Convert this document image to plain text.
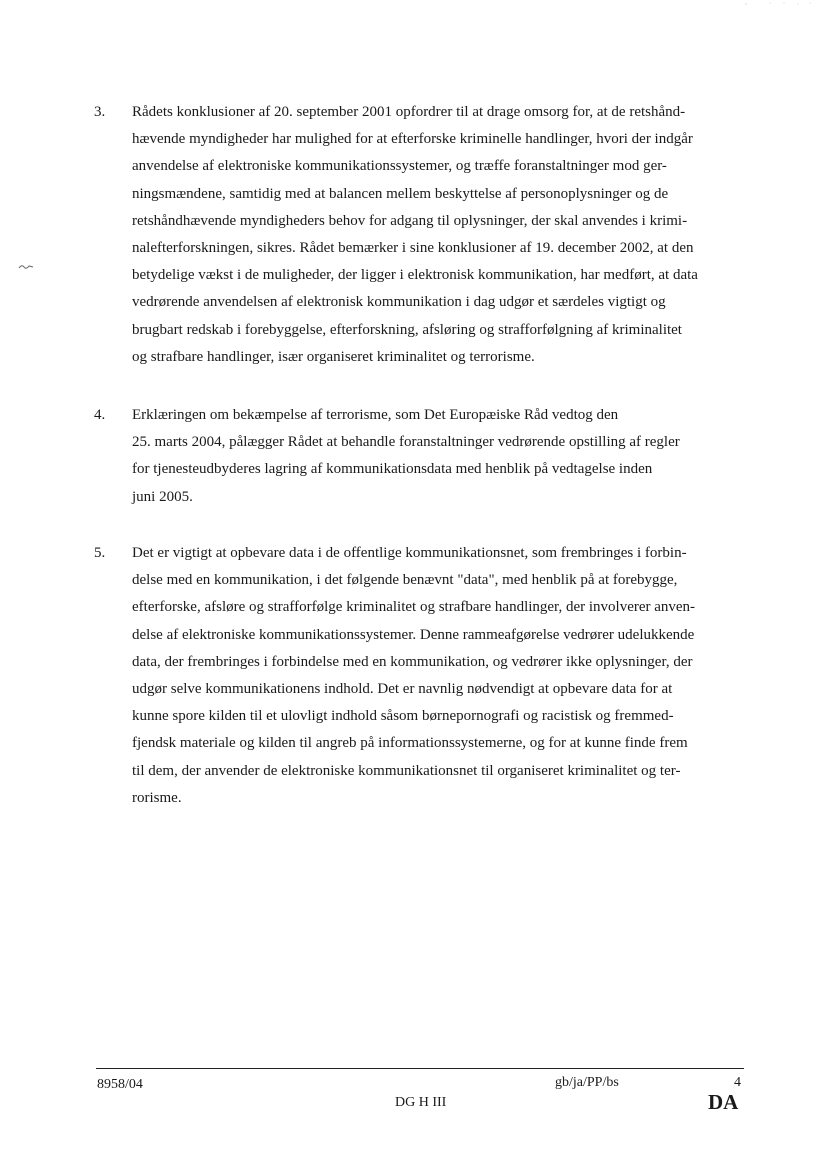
3. Rådets konklusioner af 20. september 2001 opfordrer til at drage omsorg for, at de retshånd-
hævende myndigheder har mulighed for at efterforske kriminelle handlinger, hvori der indgår
anvendelse af elektroniske kommunikationssystemer, og træffe foranstaltninger mod ger-
ningsmændene, samtidig med at balancen mellem beskyttelse af personoplysninger og de
retshåndhævende myndigheders behov for adgang til oplysninger, der skal anvendes i krimi-
nalefterforskningen, sikres. Rådet bemærker i sine konklusioner af 19. december 2002, at den
betydelige vækst i de muligheder, der ligger i elektronisk kommunikation, har medført, at data
vedrørende anvendelsen af elektronisk kommunikation i dag udgør et særdeles vigtigt og
brugbart redskab i forebyggelse, efterforskning, afsløring og strafforfølgning af kriminalitet
og strafbare handlinger, især organiseret kriminalitet og terrorisme.
4. Erklæringen om bekæmpelse af terrorisme, som Det Europæiske Råd vedtog den
25. marts 2004, pålægger Rådet at behandle foranstaltninger vedrørende opstilling af regler
for tjenesteudbyderes lagring af kommunikationsdata med henblik på vedtagelse inden
juni 2005.
5. Det er vigtigt at opbevare data i de offentlige kommunikationsnet, som frembringes i forbin-
delse med en kommunikation, i det følgende benævnt "data", med henblik på at forebygge,
efterforske, afsløre og strafforfølge kriminalitet og strafbare handlinger, der involverer anven-
delse af elektroniske kommunikationssystemer. Denne rammeafgørelse vedrører udelukkende
data, der frembringes i forbindelse med en kommunikation, og vedrører ikke oplysninger, der
udgør selve kommunikationens indhold. Det er navnlig nødvendigt at opbevare data for at
kunne spore kilden til et ulovligt indhold såsom børnepornografi og racistisk og fremmed-
fjendsk materiale og kilden til angreb på informationssystemerne, og for at kunne finde frem
til dem, der anvender de elektroniske kommunikationsnet til organiseret kriminalitet og ter-
rorisme.
8958/04	gb/ja/PP/bs	4
DG H III	DA
